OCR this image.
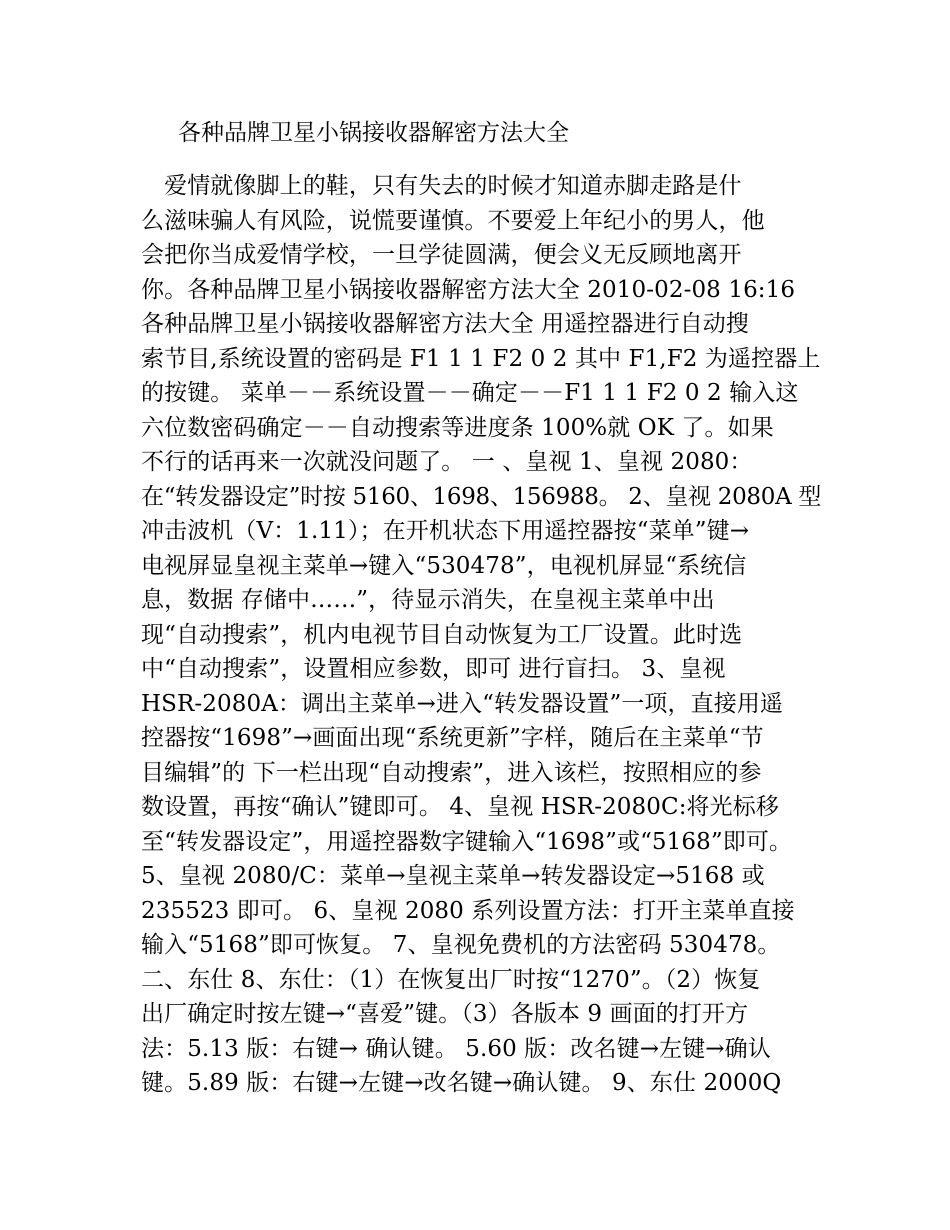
各种品牌卫星小锅接收器解密方法大全
　爱情就像脚上的鞋，只有失去的时候才知道赤脚走路是什
么滋味骗人有风险，说慌要谨慎。不要爱上年纪小的男人，他
会把你当成爱情学校，一旦学徒圆满，便会义无反顾地离开
你。各种品牌卫星小锅接收器解密方法大全 2010-02-08 16:16
各种品牌卫星小锅接收器解密方法大全 用遥控器进行自动搜
索节目,系统设置的密码是 F1 1 1 F2 0 2 其中 F1,F2 为遥控器上
的按键。 菜单－－系统设置－－确定－－F1 1 1 F2 0 2 输入这
六位数密码确定－－自动搜索等进度条 100%就 OK 了。如果
不行的话再来一次就没问题了。 一 、皇视 1、皇视 2080：
在“转发器设定”时按 5160、1698、156988。 2、皇视 2080A 型
冲击波机（V：1.11）；在开机状态下用遥控器按“菜单”键→
电视屏显皇视主菜单→键入“530478”，电视机屏显“系统信
息，数据 存储中……”，待显示消失，在皇视主菜单中出
现“自动搜索”，机内电视节目自动恢复为工厂设置。此时选
中“自动搜索”，设置相应参数，即可 进行盲扫。 3、皇视
HSR-2080A：调出主菜单→进入“转发器设置”一项，直接用遥
控器按“1698”→画面出现“系统更新”字样，随后在主菜单“节
目编辑”的 下一栏出现“自动搜索”，进入该栏，按照相应的参
数设置，再按“确认”键即可。 4、皇视 HSR-2080C:将光标移
至“转发器设定”，用遥控器数字键输入“1698”或“5168”即可。
5、皇视 2080/C：菜单→皇视主菜单→转发器设定→5168 或
235523 即可。 6、皇视 2080 系列设置方法：打开主菜单直接
输入“5168”即可恢复。 7、皇视免费机的方法密码 530478。
二、东仕 8、东仕：（1）在恢复出厂时按“1270”。（2）恢复
出厂确定时按左键→“喜爱”键。（3）各版本 9 画面的打开方
法：5.13 版：右键→ 确认键。 5.60 版：改名键→左键→确认
键。5.89 版：右键→左键→改名键→确认键。 9、东仕 2000Q
